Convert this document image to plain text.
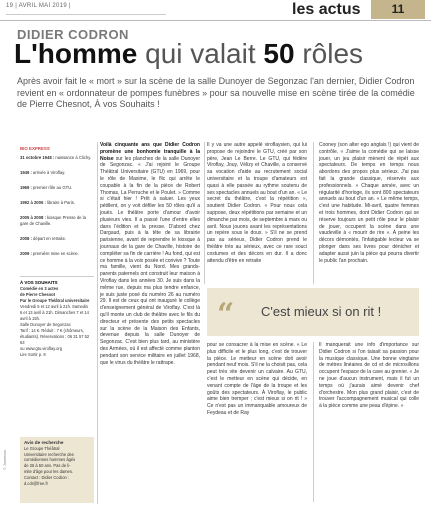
19 | AVRIL MAI 2019 |	les actus	11
DIDIER CODRON
L'homme qui valait 50 rôles
Après avoir fait le « mort » sur la scène de la salle Dunoyer de Segonzac l'an dernier, Didier Codron revient en « ordonnateur de pompes funèbres » pour sa nouvelle mise en scène tirée de la comédie de Pierre Chesnot, À vos Souhaits !
BIO EXPRESS
31 octobre 1948 : naissance à Clichy.
1949 : arrivée à Viroflay.
1969 : premier rôle au GTU.
1992 à 2005 : libraire à Paris.
2005 à 2008 : kiosque Presse de la gare de Chaville.
2008 : départ en retraite.
2009 : première mise en scène.
À VOS SOUHAITS
Comédie en 3 actes
de Pierre Chesnot
Par le Groupe Théâtral universitaire
Vendredi 5 et 12 avril à 21h. Samedis
6 et 13 avril à 21h. Dimanches 7 et 14
avril à 15h.
Salle Dunoyer de Segonzac
Tarif : 14 €. Réduit : 7 € (chômeurs,
étudiants). Réservations : 06 31 57 52 63
ou www.gtu.viroflay.org
Lire Sortir p. 9
Avis de recherche
Le Groupe Théâtral
Universitaire recherche des
comédiennes hommes âgés
de 25 à 50 ans. Pas de li-
mite d'âge pour les dames.
Contact : Didier Codron :
d.cdr@free.fr
Voilà cinquante ans que Didier Codron promène une bonhomie tranquille à la Noise sur les planches de la salle Dunoyer de Segonzac. « J'ai rejoint le Groupe Théâtral Universitaire (GTU) en 1969, pour le rôle de Maxime, le flic qui arrête le coupable à la fin de la pièce de Robert Thomas, La Perruche et le Poulet. » Comme si c'était hier ! Prêt à saluer. Les yeux pétillent, on y voit défiler les 50 rôles qu'il a joués. Le théâtre porte d'amour d'avoir plusieurs vies. Il a passé l'une d'entre elles dans l'édition et la presse. D'abord chez Dargaud, puis à la tête de sa librairie parisienne, avant de reprendre le kiosque à journaux de la gare de Chaville, histoire de compléter sa fin de carrière ! Au fond, qui est ce homme à la voix posée et convive ? Toute ma famille, vient du Nord. Mes grands-parents paternels ont construit leur maison à Viroflay dans les années 30. Je suis dans la même rue, depuis ma plus tendre enfance, je suis juste posé du numéro 26 au numéro 29. Il est de ceux qui ont inauguré le collège d'enseignement général de Viroflay. C'est là qu'il monte un club de théâtre avec le fils du directeur et présente des petits spectacles sur la scène de la Maison des Enfants, devenue depuis la salle Dunoyer de Segonzac. C'est bien plus tard, au ministère des Armées, où il est affecté comme planton pendant son service militaire en juillet 1968, que le virus du théâtre le rattrape.
Il y va une autre appelé viroflaysien, qui lui propose de rejoindre le GTU, créé par son père, Jean Le Berre. Le GTU, qui fédère Viroflay, Jouy, Vélizy et Chaville, a conservé sa vocation d'aide au recrutement social universitaire et la troupe d'amateurs est quasi à elle passée au rythme soutenu de ses spectacles annuels au bout d'un an. « Le secret du théâtre, c'est la répétition », soutient Didier Codron. « Pour nous cela suppose, deux répétitions par semaine et un dimanche par mois, de septembre à mars ou avril. Nous jouons avant les représentations un repère sous le doux. » S'il ne se prend pas au sérieux, Didier Codron prend le théâtre très au sérieux, avec ce rare souci costumes et des décors en dur. Il a donc attendu d'être en retraite
Cooney (son alter ego anglais !) qui vient de contrôle. « J'aime la comédie qui se laisse jouer, un jeu plaisir mènent de répét aux spectateurs. De temps en temps nous abordons des propos plus sérieux. J'ai pas fait la grande classique, réservés aux professionnels. » Chaque année, avec un régularité d'horloge, ils sont 800 spectateurs annuels au bout d'un an. « Le même temps, c'est une habitude. Mi-avril, quatre femmes et trois hommes, dont Didier Codron qui se réserve toujours un petit rôle pour le plaisir de jouer, occupent la scène dans une vaudeville à « mourir de rire ». À peine les décors démontés, l'infatigable lecteur va se plonger dans ses livres pour dénicher et adapter aussi juin la pièce qui pourra divertir le public l'an prochain.
“ C'est mieux si on rit !
pour se consacrer à la mise en scène. « Le plus difficile et le plus long, c'est de trouver la pièce. Le metteur en scène doit avoir pendant neuf mois. S'il ne la choisit pas, cela peut très vite devenir un calvaire. Au GTU, c'est le metteur en scène qui décide, en venant compte de l'âge de la troupe et les goûts des spectateurs. À Viroflay, le public aime bien tremper ; c'est mieux si on rit ! » Ce n'est pas un immanquable amoureux de Feydeau et de Ray
Il manquerait une info d'importance sur Didier Codron si l'on taisait sa passion pour la musique classique. Une bonne vingtaine de mètres linéaires de cd et de microsillons occupent l'espace de la cave au grenier. « Je ne joue d'aucun instrument, mais il fut un temps où j'aurais aimé devenir chef d'orchestre. Mon plus grand plaisir, c'est de trouver l'accompagnement musical qui colle à la pièce comme une peau d'épine. »
© Jonneson
